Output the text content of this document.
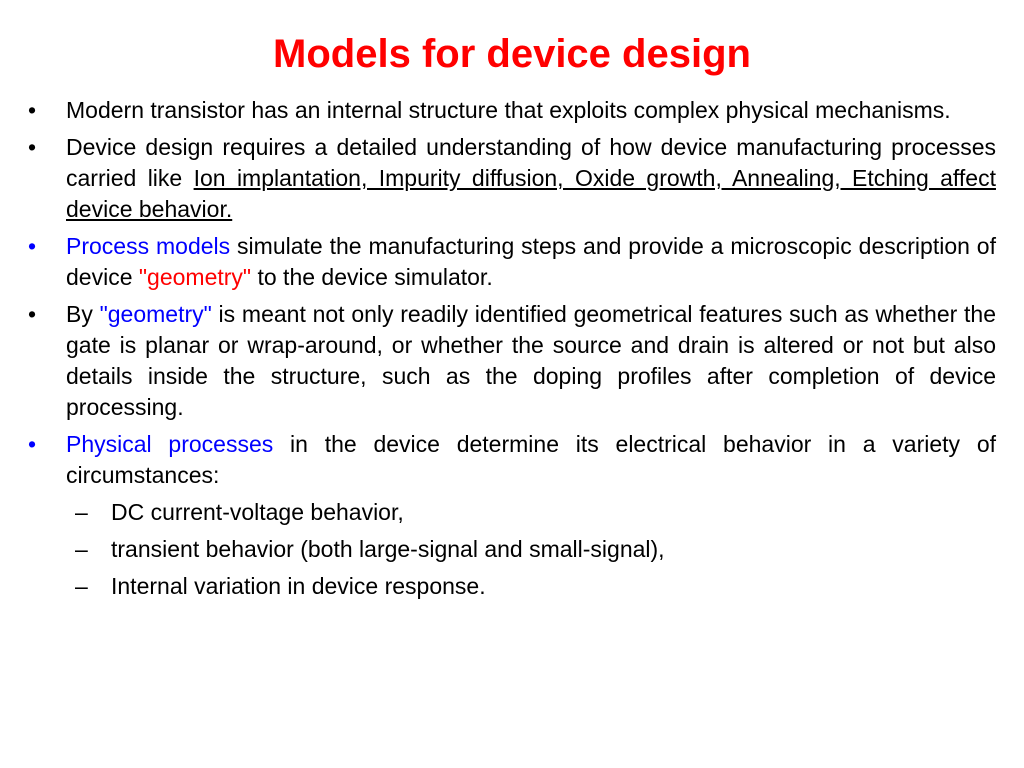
Models for device design
•	Modern transistor has an internal structure that exploits complex physical mechanisms.
•	Device design requires a detailed understanding of how device manufacturing processes carried like Ion implantation, Impurity diffusion, Oxide growth, Annealing, Etching affect device behavior.
•	Process models simulate the manufacturing steps and provide a microscopic description of device "geometry" to the device simulator.
•	By "geometry" is meant not only readily identified geometrical features such as whether the gate is planar or wrap-around, or whether the source and drain is altered or not but also details inside the structure, such as the doping profiles after completion of device processing.
•	Physical processes in the device determine its electrical behavior in a variety of circumstances:
– DC current-voltage behavior,
– transient behavior (both large-signal and small-signal),
– Internal variation in device response.
